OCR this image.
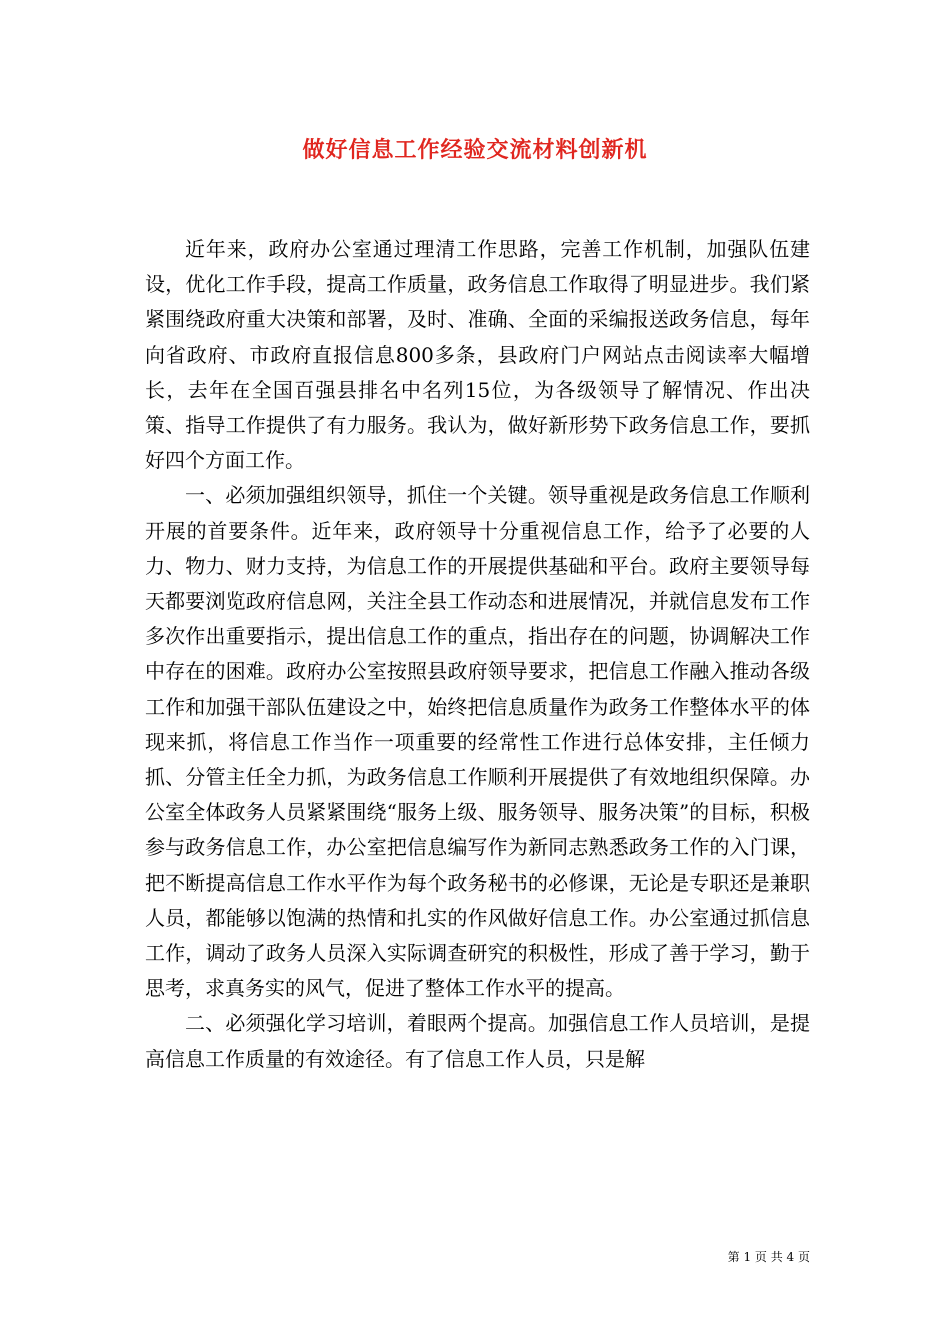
做好信息工作经验交流材料创新机

近年来，政府办公室通过理清工作思路，完善工作机制，加强队伍建设，优化工作手段，提高工作质量，政务信息工作取得了明显进步。我们紧紧围绕政府重大决策和部署，及时、准确、全面的采编报送政务信息，每年向省政府、市政府直报信息800多条，县政府门户网站点击阅读率大幅增长，去年在全国百强县排名中名列15位，为各级领导了解情况、作出决策、指导工作提供了有力服务。我认为，做好新形势下政务信息工作，要抓好四个方面工作。

一、必须加强组织领导，抓住一个关键。领导重视是政务信息工作顺利开展的首要条件。近年来，政府领导十分重视信息工作，给予了必要的人力、物力、财力支持，为信息工作的开展提供基础和平台。政府主要领导每天都要浏览政府信息网，关注全县工作动态和进展情况，并就信息发布工作多次作出重要指示，提出信息工作的重点，指出存在的问题，协调解决工作中存在的困难。政府办公室按照县政府领导要求，把信息工作融入推动各级工作和加强干部队伍建设之中，始终把信息质量作为政务工作整体水平的体现来抓，将信息工作当作一项重要的经常性工作进行总体安排，主任倾力抓、分管主任全力抓，为政务信息工作顺利开展提供了有效地组织保障。办公室全体政务人员紧紧围绕“服务上级、服务领导、服务决策”的目标，积极参与政务信息工作，办公室把信息编写作为新同志熟悉政务工作的入门课，把不断提高信息工作水平作为每个政务秘书的必修课，无论是专职还是兼职人员，都能够以饱满的热情和扎实的作风做好信息工作。办公室通过抓信息工作，调动了政务人员深入实际调查研究的积极性，形成了善于学习，勤于思考，求真务实的风气，促进了整体工作水平的提高。

二、必须强化学习培训，着眼两个提高。加强信息工作人员培训，是提高信息工作质量的有效途径。有了信息工作人员，只是解

第 1 页 共 4 页
